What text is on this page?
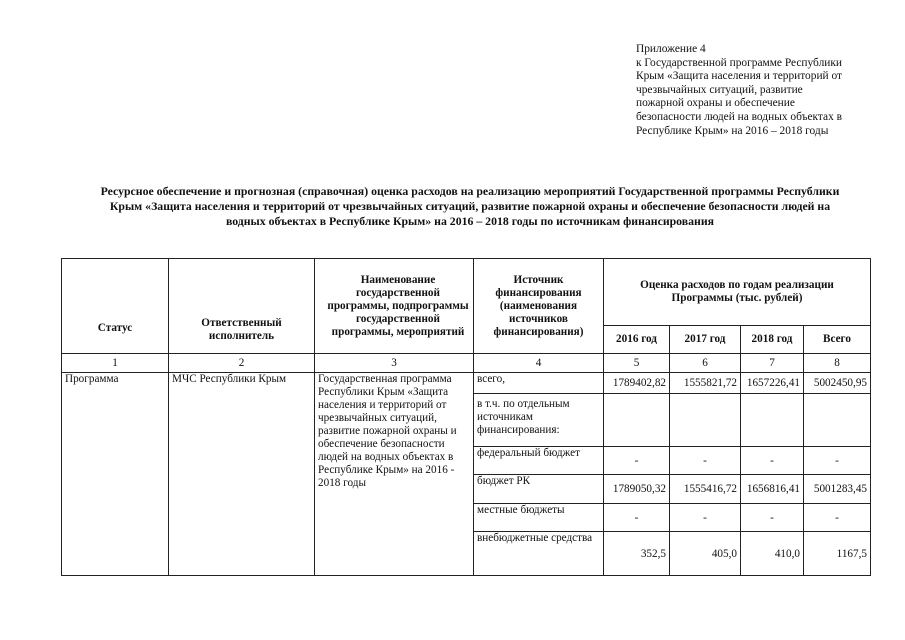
Приложение 4
к Государственной программе Республики
Крым «Защита населения и территорий от
чрезвычайных ситуаций, развитие
пожарной охраны и обеспечение
безопасности людей на водных объектах в
Республике Крым» на 2016 – 2018 годы
Ресурсное обеспечение и прогнозная (справочная) оценка расходов на реализацию мероприятий Государственной программы Республики
Крым «Защита населения и территорий от чрезвычайных ситуаций, развитие пожарной охраны и обеспечение безопасности людей на
водных объектах в Республике Крым» на 2016 – 2018 годы по источникам финансирования
Статус	Ответственный исполнитель	Наименование государственной программы, подпрограммы государственной программы, мероприятий	Источник финансирования (наименования источников финансирования)	Оценка расходов по годам реализации Программы (тыс. рублей)			
				2016 год	2017 год	2018 год	Всего
1	2	3	4	5	6	7	8
Программа	МЧС Республики Крым	Государственная программа Республики Крым «Защита населения и территорий от чрезвычайных ситуаций, развитие пожарной охраны и обеспечение безопасности людей на водных объектах в Республике Крым» на 2016 - 2018 годы	всего,	1789402,82	1555821,72	1657226,41	5002450,95
			в т.ч. по отдельным источникам финансирования:				
			федеральный бюджет	-	-	-	-
			бюджет РК	1789050,32	1555416,72	1656816,41	5001283,45
			местные бюджеты	-	-	-	-
			внебюджетные средства	352,5	405,0	410,0	1167,5
